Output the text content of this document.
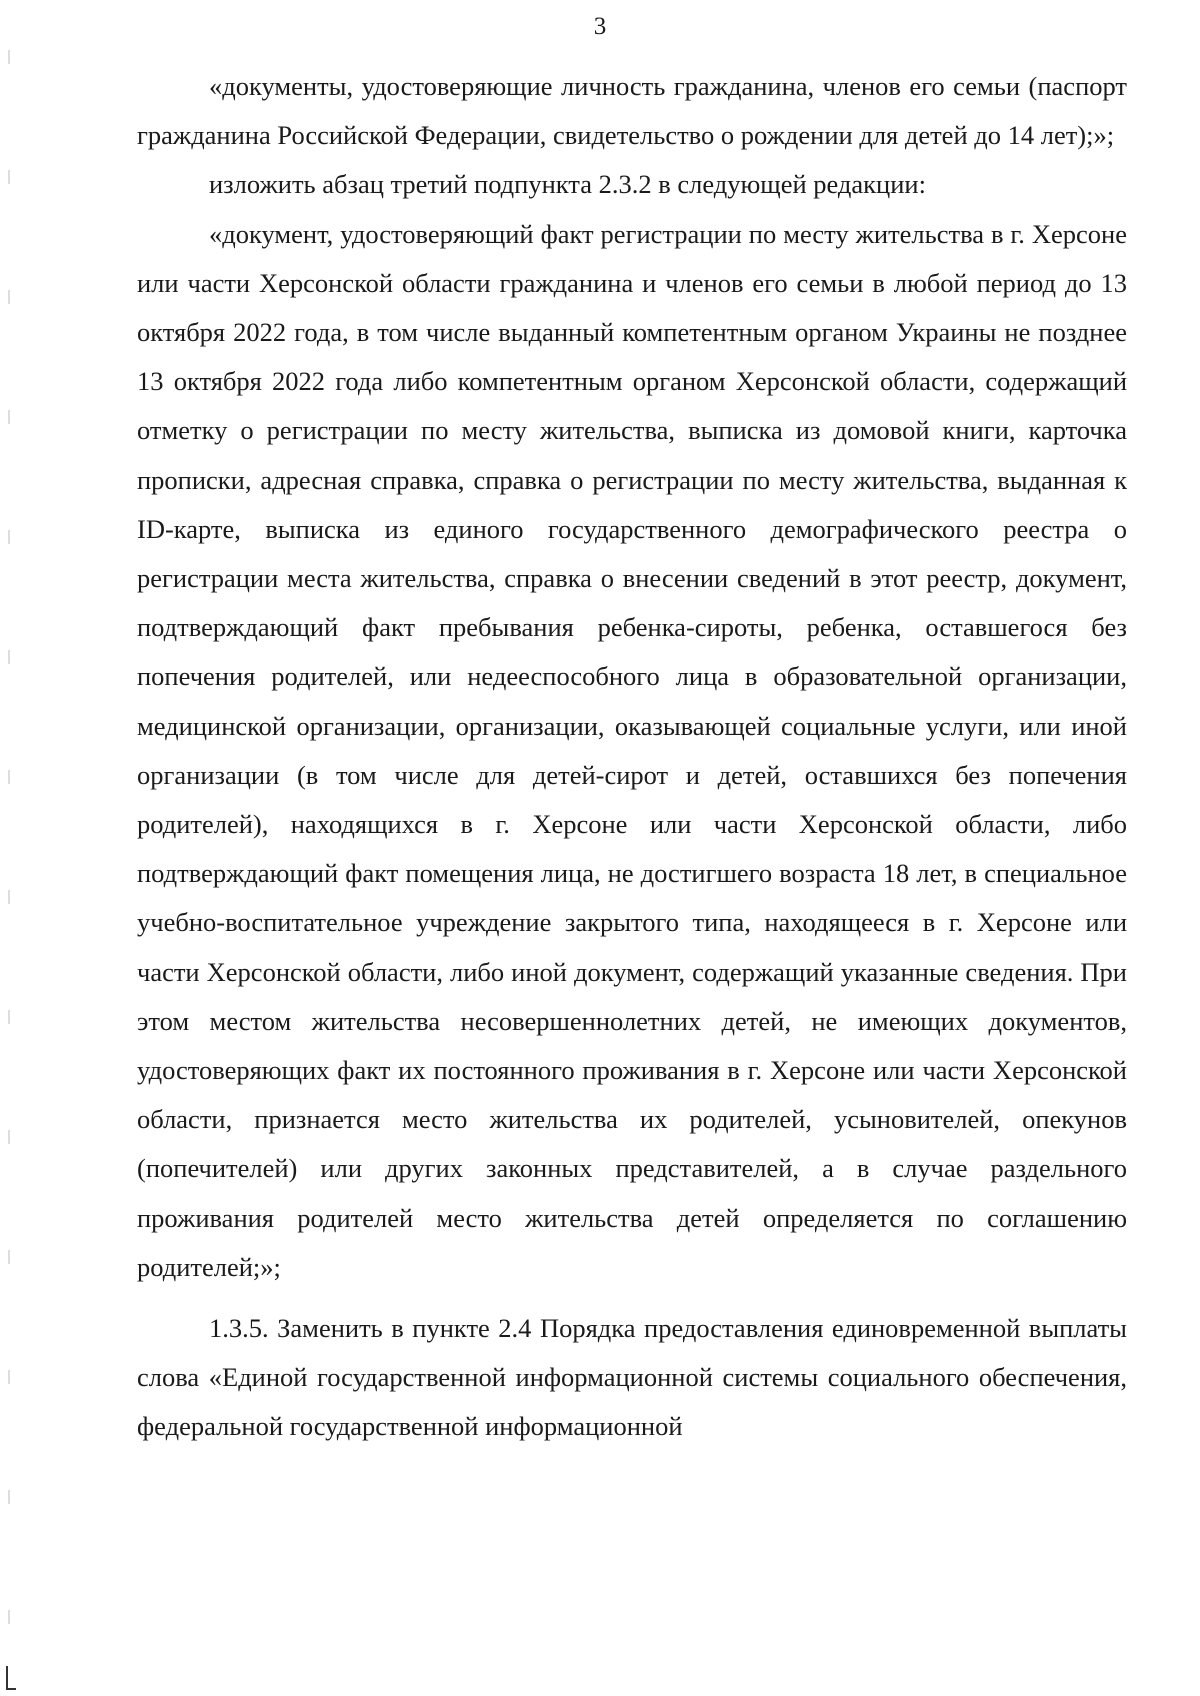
3

«документы, удостоверяющие личность гражданина, членов его семьи (паспорт гражданина Российской Федерации, свидетельство о рождении для детей до 14 лет);»;

изложить абзац третий подпункта 2.3.2 в следующей редакции:

«документ, удостоверяющий факт регистрации по месту жительства в г. Херсоне или части Херсонской области гражданина и членов его семьи в любой период до 13 октября 2022 года, в том числе выданный компетентным органом Украины не позднее 13 октября 2022 года либо компетентным органом Херсонской области, содержащий отметку о регистрации по месту жительства, выписка из домовой книги, карточка прописки, адресная справка, справка о регистрации по месту жительства, выданная к ID-карте, выписка из единого государственного демографического реестра о регистрации места жительства, справка о внесении сведений в этот реестр, документ, подтверждающий факт пребывания ребенка-сироты, ребенка, оставшегося без попечения родителей, или недееспособного лица в образовательной организации, медицинской организации, организации, оказывающей социальные услуги, или иной организации (в том числе для детей-сирот и детей, оставшихся без попечения родителей), находящихся в г. Херсоне или части Херсонской области, либо подтверждающий факт помещения лица, не достигшего возраста 18 лет, в специальное учебно-воспитательное учреждение закрытого типа, находящееся в г. Херсоне или части Херсонской области, либо иной документ, содержащий указанные сведения. При этом местом жительства несовершеннолетних детей, не имеющих документов, удостоверяющих факт их постоянного проживания в г. Херсоне или части Херсонской области, признается место жительства их родителей, усыновителей, опекунов (попечителей) или других законных представителей, а в случае раздельного проживания родителей место жительства детей определяется по соглашению родителей;»;

1.3.5. Заменить в пункте 2.4 Порядка предоставления единовременной выплаты слова «Единой государственной информационной системы социального обеспечения, федеральной государственной информационной
